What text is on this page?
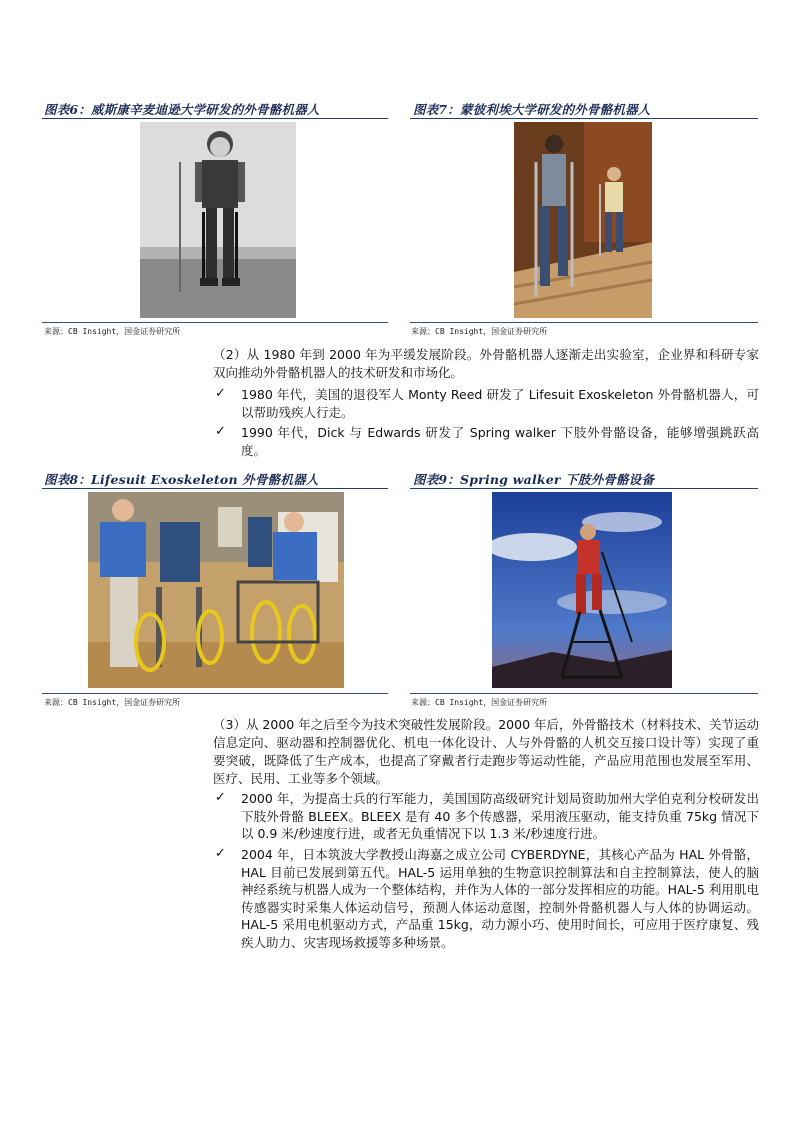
图表6：威斯康辛麦迪逊大学研发的外骨骼机器人	图表7：蒙彼利埃大学研发的外骨骼机器人
来源：CB Insight，国金证券研究所	来源：CB Insight，国金证券研究所
（2）从 1980 年到 2000 年为平缓发展阶段。外骨骼机器人逐渐走出实验室，企业界和科研专家双向推动外骨骼机器人的技术研发和市场化。
✓ 1980 年代，美国的退役军人 Monty Reed 研发了 Lifesuit Exoskeleton 外骨骼机器人，可以帮助残疾人行走。
✓ 1990 年代，Dick 与 Edwards 研发了 Spring walker 下肢外骨骼设备，能够增强跳跃高度。
图表8：Lifesuit Exoskeleton 外骨骼机器人	图表9：Spring walker 下肢外骨骼设备
来源：CB Insight，国金证券研究所	来源：CB Insight，国金证券研究所
（3）从 2000 年之后至今为技术突破性发展阶段。2000 年后，外骨骼技术（材料技术、关节运动信息定向、驱动器和控制器优化、机电一体化设计、人与外骨骼的人机交互接口设计等）实现了重要突破，既降低了生产成本，也提高了穿戴者行走跑步等运动性能，产品应用范围也发展至军用、医疗、民用、工业等多个领域。
✓ 2000 年，为提高士兵的行军能力，美国国防高级研究计划局资助加州大学伯克利分校研发出下肢外骨骼 BLEEX。BLEEX 是有 40 多个传感器，采用液压驱动，能支持负重 75kg 情况下以 0.9 米/秒速度行进，或者无负重情况下以 1.3 米/秒速度行进。
✓ 2004 年，日本筑波大学教授山海嘉之成立公司 CYBERDYNE，其核心产品为 HAL 外骨骼，HAL 目前已发展到第五代。HAL-5 运用单独的生物意识控制算法和自主控制算法，使人的脑神经系统与机器人成为一个整体结构，并作为人体的一部分发挥相应的功能。HAL-5 利用肌电传感器实时采集人体运动信号，预测人体运动意图，控制外骨骼机器人与人体的协调运动。HAL-5 采用电机驱动方式，产品重 15kg，动力源小巧、使用时间长，可应用于医疗康复、残疾人助力、灾害现场救援等多种场景。
